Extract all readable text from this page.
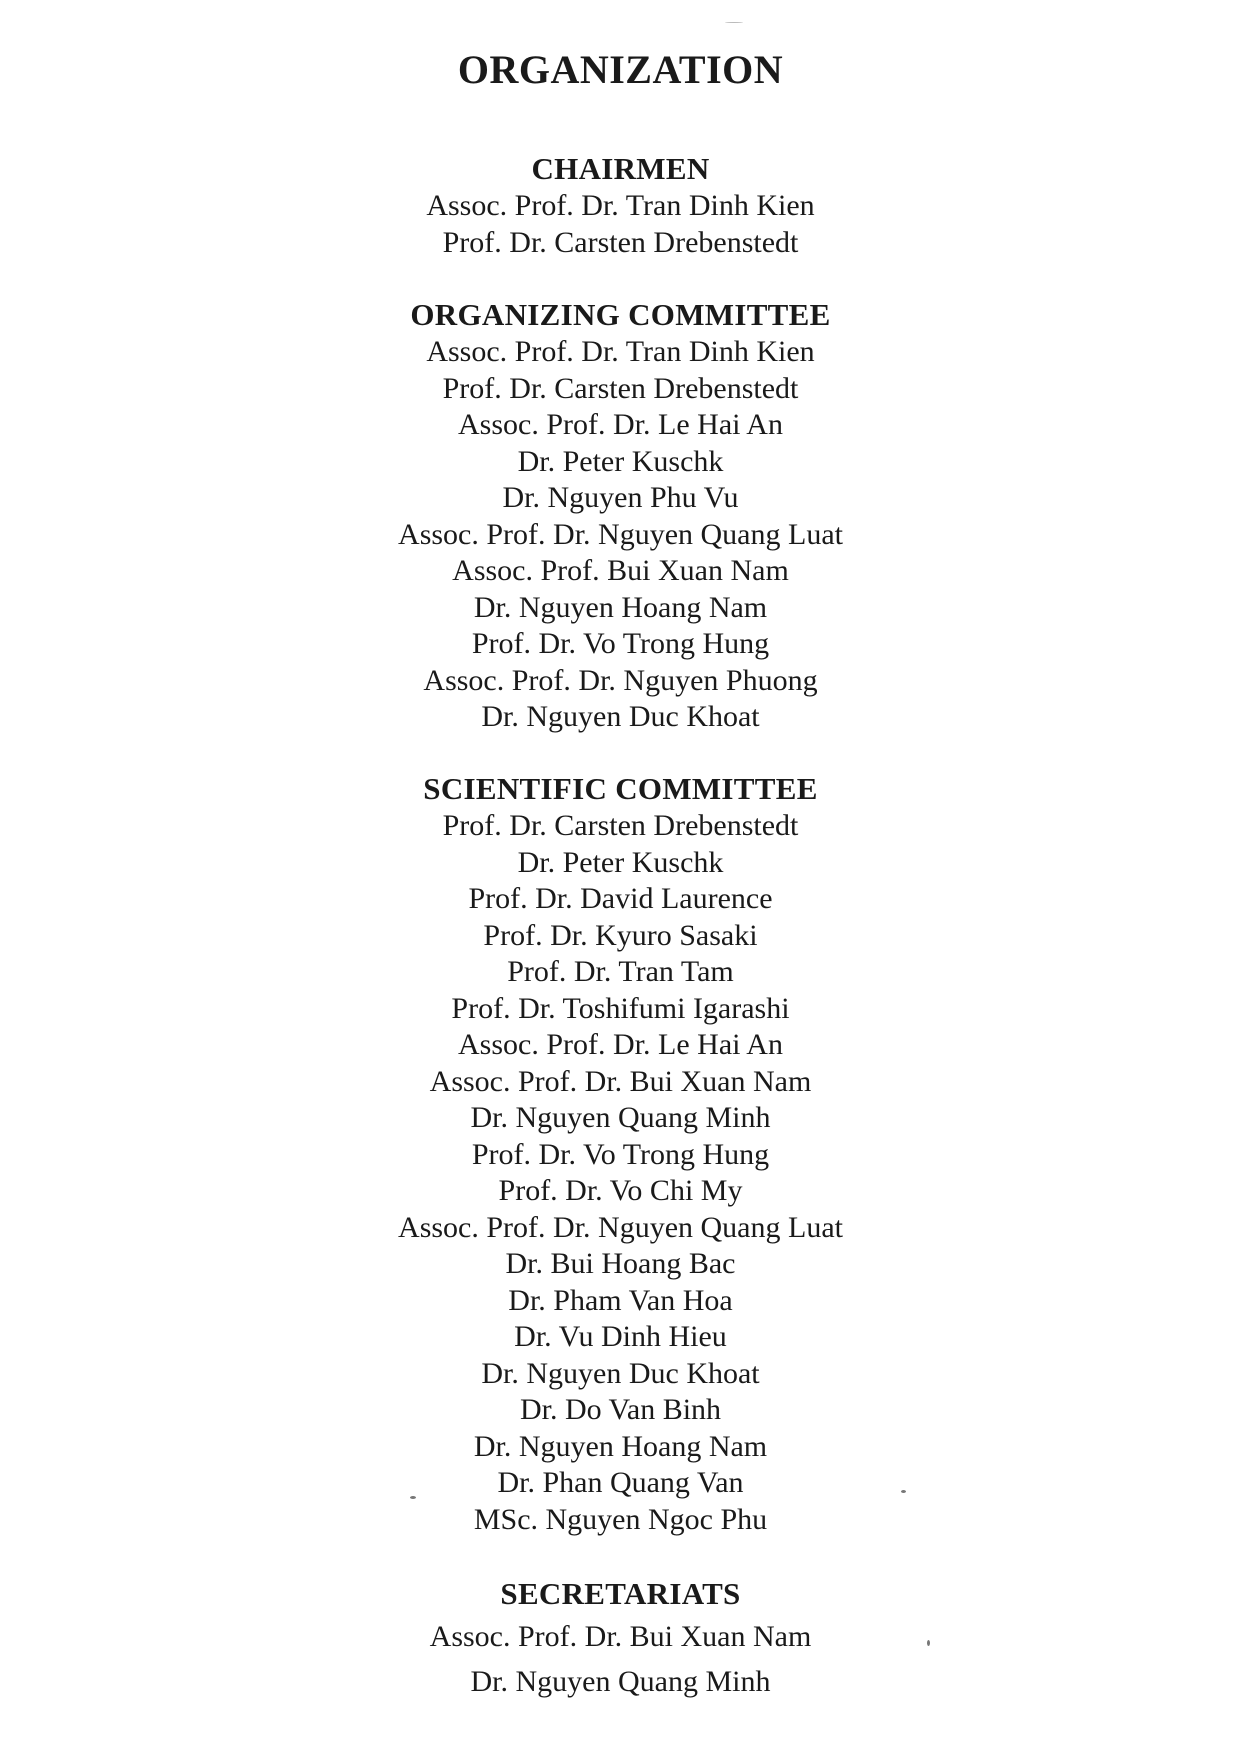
ORGANIZATION
CHAIRMEN
Assoc. Prof. Dr. Tran Dinh Kien
Prof. Dr. Carsten Drebenstedt
ORGANIZING COMMITTEE
Assoc. Prof. Dr. Tran Dinh Kien
Prof. Dr. Carsten Drebenstedt
Assoc. Prof. Dr. Le Hai An
Dr. Peter Kuschk
Dr. Nguyen Phu Vu
Assoc. Prof. Dr. Nguyen Quang Luat
Assoc. Prof. Bui Xuan Nam
Dr. Nguyen Hoang Nam
Prof. Dr. Vo Trong Hung
Assoc. Prof. Dr. Nguyen Phuong
Dr. Nguyen Duc Khoat
SCIENTIFIC COMMITTEE
Prof. Dr. Carsten Drebenstedt
Dr. Peter Kuschk
Prof. Dr. David Laurence
Prof. Dr. Kyuro Sasaki
Prof. Dr. Tran Tam
Prof. Dr. Toshifumi Igarashi
Assoc. Prof. Dr. Le Hai An
Assoc. Prof. Dr. Bui Xuan Nam
Dr. Nguyen Quang Minh
Prof. Dr. Vo Trong Hung
Prof. Dr. Vo Chi My
Assoc. Prof. Dr. Nguyen Quang Luat
Dr. Bui Hoang Bac
Dr. Pham Van Hoa
Dr. Vu Dinh Hieu
Dr. Nguyen Duc Khoat
Dr. Do Van Binh
Dr. Nguyen Hoang Nam
Dr. Phan Quang Van
MSc. Nguyen Ngoc Phu
SECRETARIATS
Assoc. Prof. Dr. Bui Xuan Nam
Dr. Nguyen Quang Minh
